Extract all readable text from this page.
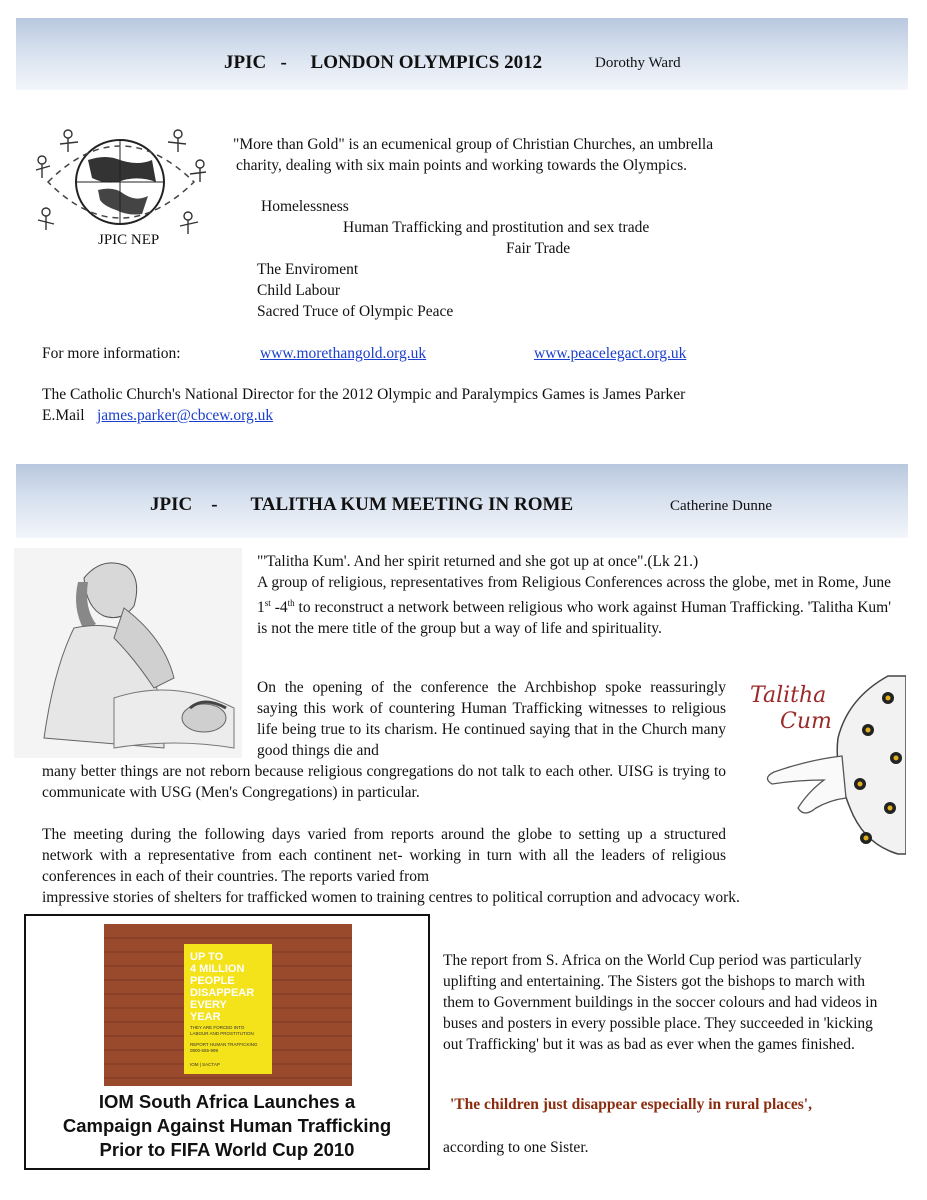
JPIC   -     LONDON OLYMPICS 2012	Dorothy Ward
JPIC NEP
"More than Gold" is an ecumenical group of Christian Churches, an umbrella
charity, dealing with six main points and working towards the Olympics.
Homelessness
Human Trafficking and prostitution and sex trade
Fair Trade
The Enviroment
Child Labour
Sacred Truce of Olympic Peace
For more information:	www.morethangold.org.uk	www.peacelegact.org.uk
The Catholic Church's National Director for the 2012 Olympic and Paralympics Games is James Parker
E.Mail james.parker@cbcew.org.uk
JPIC    -       TALITHA KUM MEETING IN ROME	Catherine Dunne
"'Talitha Kum'. And her spirit returned and she got up at once".(Lk 21.)

A group of religious, representatives from Religious Conferences across the globe, met in Rome, June 1st -4th to reconstruct a network between religious who work against Human Trafficking. 'Talitha Kum' is not the mere title of the group but a way of life and spirituality.

On the opening of the conference the Archbishop spoke reassuringly saying this work of countering Human Trafficking witnesses to religious life being true to its charism. He continued saying that in the Church many good things die and
many better things are not reborn because religious congregations do not talk to each other. UISG is trying to communicate with USG (Men's Congregations) in particular.
Talitha
Cum
The meeting during the following days varied from reports around the globe to setting up a structured network with a representative from each continent net- working in turn with all the leaders of religious conferences in each of their countries. The reports varied from
impressive stories of shelters for trafficked women to training centres to political corruption and advocacy work.
UP TO
4 MILLION
PEOPLE
DISAPPEAR
EVERY
YEAR
THEY ARE FORCED INTO
LABOUR AND PROSTITUTION
REPORT HUMAN TRAFFICKING
0800-555-999
IOM | SACTAP
IOM South Africa Launches a
Campaign Against Human Trafficking
Prior to FIFA World Cup 2010
The report from S. Africa on the World Cup period was particularly uplifting and entertaining. The Sisters got the bishops to march with them to Government buildings in the soccer colours and had videos in buses and posters in every possible place. They succeeded in 'kicking out Trafficking' but it was as bad as ever when the games finished.
'The children just disappear especially in rural places',
according to one Sister.
